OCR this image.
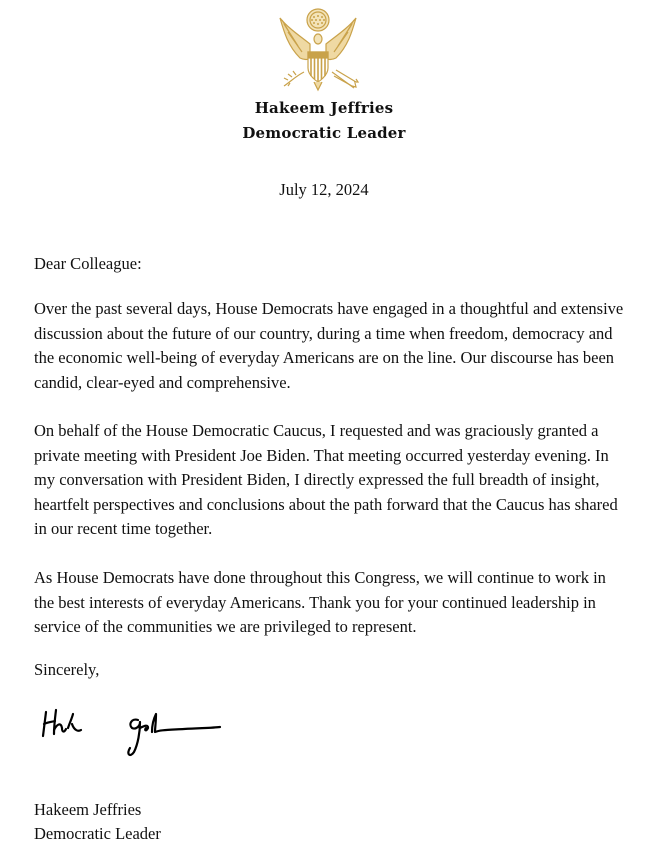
Hakeem Jeffries
Democratic Leader
July 12, 2024
Dear Colleague:
Over the past several days, House Democrats have engaged in a thoughtful and extensive discussion about the future of our country, during a time when freedom, democracy and the economic well-being of everyday Americans are on the line. Our discourse has been candid, clear-eyed and comprehensive.
On behalf of the House Democratic Caucus, I requested and was graciously granted a private meeting with President Joe Biden. That meeting occurred yesterday evening. In my conversation with President Biden, I directly expressed the full breadth of insight, heartfelt perspectives and conclusions about the path forward that the Caucus has shared in our recent time together.
As House Democrats have done throughout this Congress, we will continue to work in the best interests of everyday Americans. Thank you for your continued leadership in service of the communities we are privileged to represent.
Sincerely,
Hakeem Jeffries
Democratic Leader
